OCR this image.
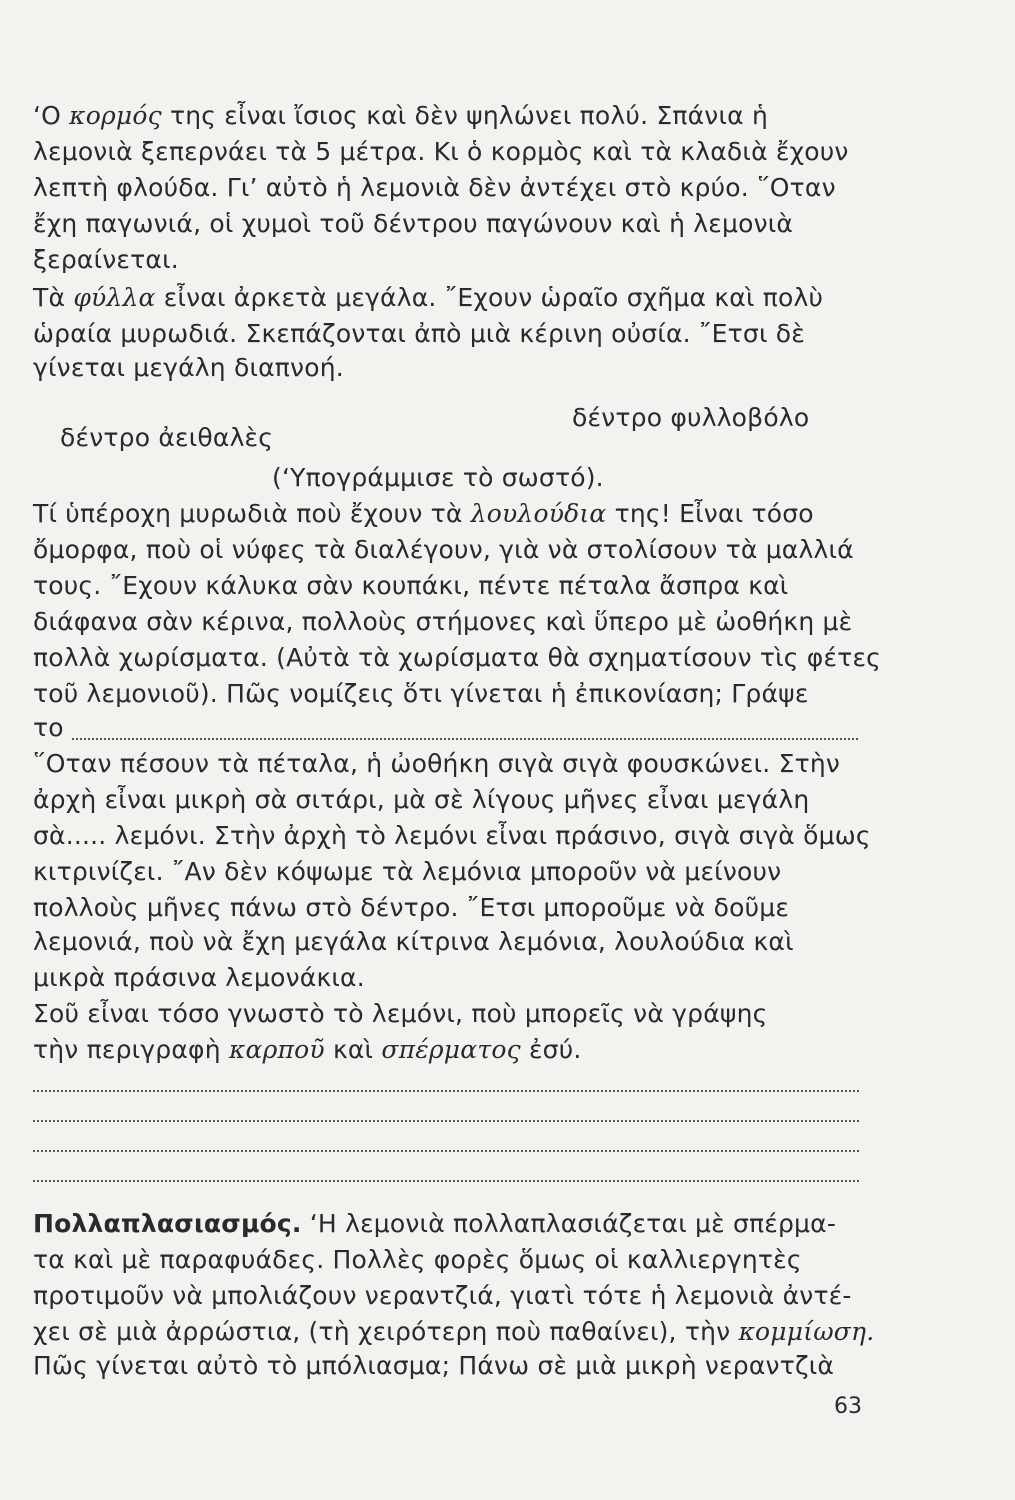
‘Ο κορμός της εἶναι ἴσιος καὶ δὲν ψηλώνει πολύ. Σπάνια ἡ
λεμονιὰ ξεπερνάει τὰ 5 μέτρα. Κι ὁ κορμὸς καὶ τὰ κλαδιὰ ἔχουν
λεπτὴ φλούδα. Γι’ αὐτὸ ἡ λεμονιὰ δὲν ἀντέχει στὸ κρύο. ῞Οταν
ἔχη παγωνιά, οἱ χυμοὶ τοῦ δέντρου παγώνουν καὶ ἡ λεμονιὰ
ξεραίνεται.
Τὰ φύλλα εἶναι ἀρκετὰ μεγάλα. ῎Εχουν ὡραῖο σχῆμα καὶ πολὺ
ὡραία μυρωδιά. Σκεπάζονται ἀπὸ μιὰ κέρινη οὐσία. ῎Ετσι δὲ
γίνεται μεγάλη διαπνοή.
δέντρο ἀειθαλὲς
δέντρο φυλλοβόλο
(‘Υπογράμμισε τὸ σωστό).
Τί ὑπέροχη μυρωδιὰ ποὺ ἔχουν τὰ λουλούδια της! Εἶναι τόσο
ὄμορφα, ποὺ οἱ νύφες τὰ διαλέγουν, γιὰ νὰ στολίσουν τὰ μαλλιά
τους. ῎Εχουν κάλυκα σὰν κουπάκι, πέντε πέταλα ἄσπρα καὶ
διάφανα σὰν κέρινα, πολλοὺς στήμονες καὶ ὕπερο μὲ ὠοθήκη μὲ
πολλὰ χωρίσματα. (Αὐτὰ τὰ χωρίσματα θὰ σχηματίσουν τὶς φέτες
τοῦ λεμονιοῦ). Πῶς νομίζεις ὅτι γίνεται ἡ ἐπικονίαση; Γράψε
το
῞Οταν πέσουν τὰ πέταλα, ἡ ὠοθήκη σιγὰ σιγὰ φουσκώνει. Στὴν
ἀρχὴ εἶναι μικρὴ σὰ σιτάρι, μὰ σὲ λίγους μῆνες εἶναι μεγάλη
σὰ..... λεμόνι. Στὴν ἀρχὴ τὸ λεμόνι εἶναι πράσινο, σιγὰ σιγὰ ὅμως
κιτρινίζει. ῎Αν δὲν κόψωμε τὰ λεμόνια μποροῦν νὰ μείνουν
πολλοὺς μῆνες πάνω στὸ δέντρο. ῎Ετσι μποροῦμε νὰ δοῦμε
λεμονιά, ποὺ νὰ ἔχη μεγάλα κίτρινα λεμόνια, λουλούδια καὶ
μικρὰ πράσινα λεμονάκια.
Σοῦ εἶναι τόσο γνωστὸ τὸ λεμόνι, ποὺ μπορεῖς νὰ γράψης
τὴν περιγραφὴ καρποῦ καὶ σπέρματος ἐσύ.
Πολλαπλασιασμός. ‘Η λεμονιὰ πολλαπλασιάζεται μὲ σπέρμα-
τα καὶ μὲ παραφυάδες. Πολλὲς φορὲς ὅμως οἱ καλλιεργητὲς
προτιμοῦν νὰ μπολιάζουν νεραντζιά, γιατὶ τότε ἡ λεμονιὰ ἀντέ-
χει σὲ μιὰ ἀρρώστια, (τὴ χειρότερη ποὺ παθαίνει), τὴν κομμίωση.
Πῶς γίνεται αὐτὸ τὸ μπόλιασμα; Πάνω σὲ μιὰ μικρὴ νεραντζιὰ
63
